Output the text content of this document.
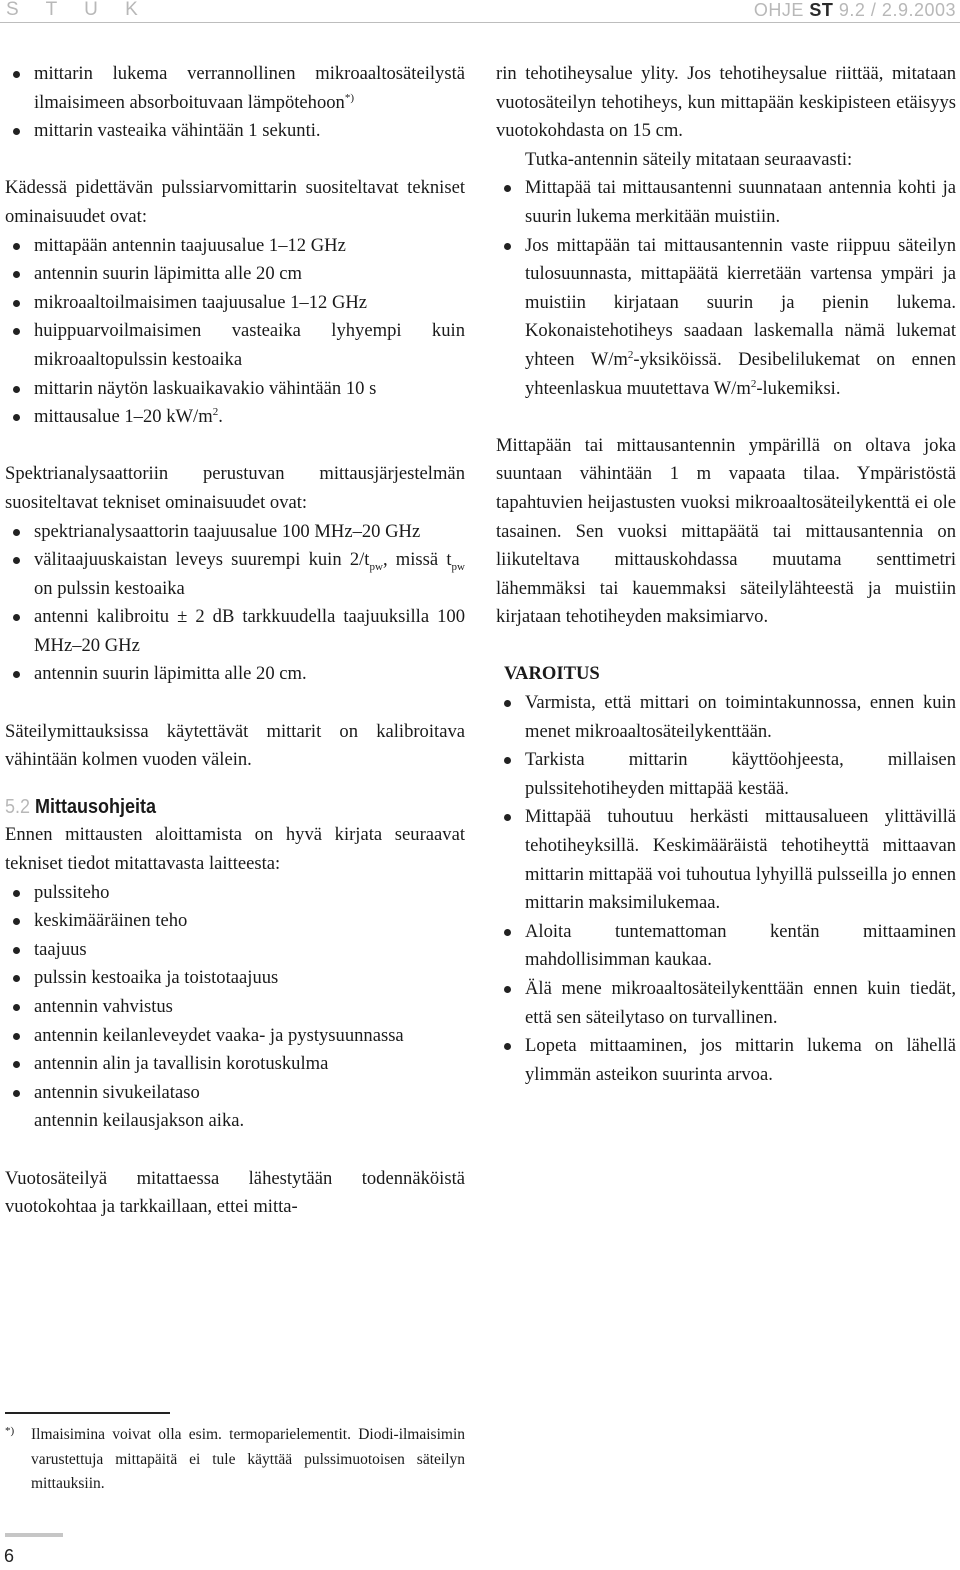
S T U K	OHJE ST 9.2 / 2.9.2003
mittarin lukema verrannollinen mikroaaltosäteilystä ilmaisimeen absorboituvaan lämpötehoon*)
mittarin vasteaika vähintään 1 sekunti.

Kädessä pidettävän pulssiarvomittarin suositeltavat tekniset ominaisuudet ovat:

mittapään antennin taajuusalue 1–12 GHz
antennin suurin läpimitta alle 20 cm
mikroaaltoilmaisimen taajuusalue 1–12 GHz
huippuarvoilmaisimen vasteaika lyhyempi kuin mikroaaltopulssin kestoaika
mittarin näytön laskuaikavakio vähintään 10 s
mittausalue 1–20 $kW/m^2$.

Spektrianalysaattoriin perustuvan mittausjärjestelmän suositeltavat tekniset ominaisuudet ovat:

spektrianalysaattorin taajuusalue 100 MHz–20 GHz
välitaajuuskaistan leveys suurempi kuin $2/t_{pw}$, missä $t_{pw}$ on pulssin kestoaika
antenni kalibroitu ± 2 dB tarkkuudella taajuuksilla 100 MHz–20 GHz
antennin suurin läpimitta alle 20 cm.

Säteilymittauksissa käytettävät mittarit on kalibroitava vähintään kolmen vuoden välein.

5.2 Mittausohjeita

Ennen mittausten aloittamista on hyvä kirjata seuraavat tekniset tiedot mitattavasta laitteesta:

pulssiteho
keskimääräinen teho
taajuus
pulssin kestoaika ja toistotaajuus
antennin vahvistus
antennin keilanleveydet vaaka- ja pystysuunnassa
antennin alin ja tavallisin korotuskulma
antennin sivukeilataso
antennin keilausjakson aika.

Vuotosäteilyä mitattaessa lähestytään todennäköistä vuotokohtaa ja tarkkaillaan, ettei mitta-

*)	Ilmaisimina voivat olla esim. termoparielementit. Diodi-ilmaisimin varustettuja mittapäitä ei tule käyttää pulssimuotoisen säteilyn mittauksiin.

rin tehotiheysalue ylity. Jos tehotiheysalue riittää, mitataan vuotosäteilyn tehotiheys, kun mittapään keskipisteen etäisyys vuotokohdasta on 15 cm.

Tutka-antennin säteily mitataan seuraavasti:

Mittapää tai mittausantenni suunnataan antennia kohti ja suurin lukema merkitään muistiin.
Jos mittapään tai mittausantennin vaste riippuu säteilyn tulosuunnasta, mittapäätä kierretään vartensa ympäri ja muistiin kirjataan suurin ja pienin lukema. Kokonaistehotiheys saadaan laskemalla nämä lukemat yhteen $W/m^2$-yksiköissä. Desibelilukemat on ennen yhteenlaskua muutettava $W/m^2$-lukemiksi.

Mittapään tai mittausantennin ympärillä on oltava joka suuntaan vähintään 1 m vapaata tilaa. Ympäristöstä tapahtuvien heijastusten vuoksi mikroaaltosäteilykenttä ei ole tasainen. Sen vuoksi mittapäätä tai mittausantennia on liikuteltava mittauskohdassa muutama senttimetri lähemmäksi tai kauemmaksi säteilylähteestä ja muistiin kirjataan tehotiheyden maksimiarvo.

VAROITUS
Varmista, että mittari on toimintakunnossa, ennen kuin menet mikroaaltosäteilykenttään.
Tarkista mittarin käyttöohjeesta, millaisen pulssitehotiheyden mittapää kestää.
Mittapää tuhoutuu herkästi mittausalueen ylittävillä tehotiheyksillä. Keskimääräistä tehotiheyttä mittaavan mittarin mittapää voi tuhoutua lyhyillä pulsseilla jo ennen mittarin maksimilukemaa.
Aloita tuntemattoman kentän mittaaminen mahdollisimman kaukaa.
Älä mene mikroaaltosäteilykenttään ennen kuin tiedät, että sen säteilytaso on turvallinen.
Lopeta mittaaminen, jos mittarin lukema on lähellä ylimmän asteikon suurinta arvoa.
6
